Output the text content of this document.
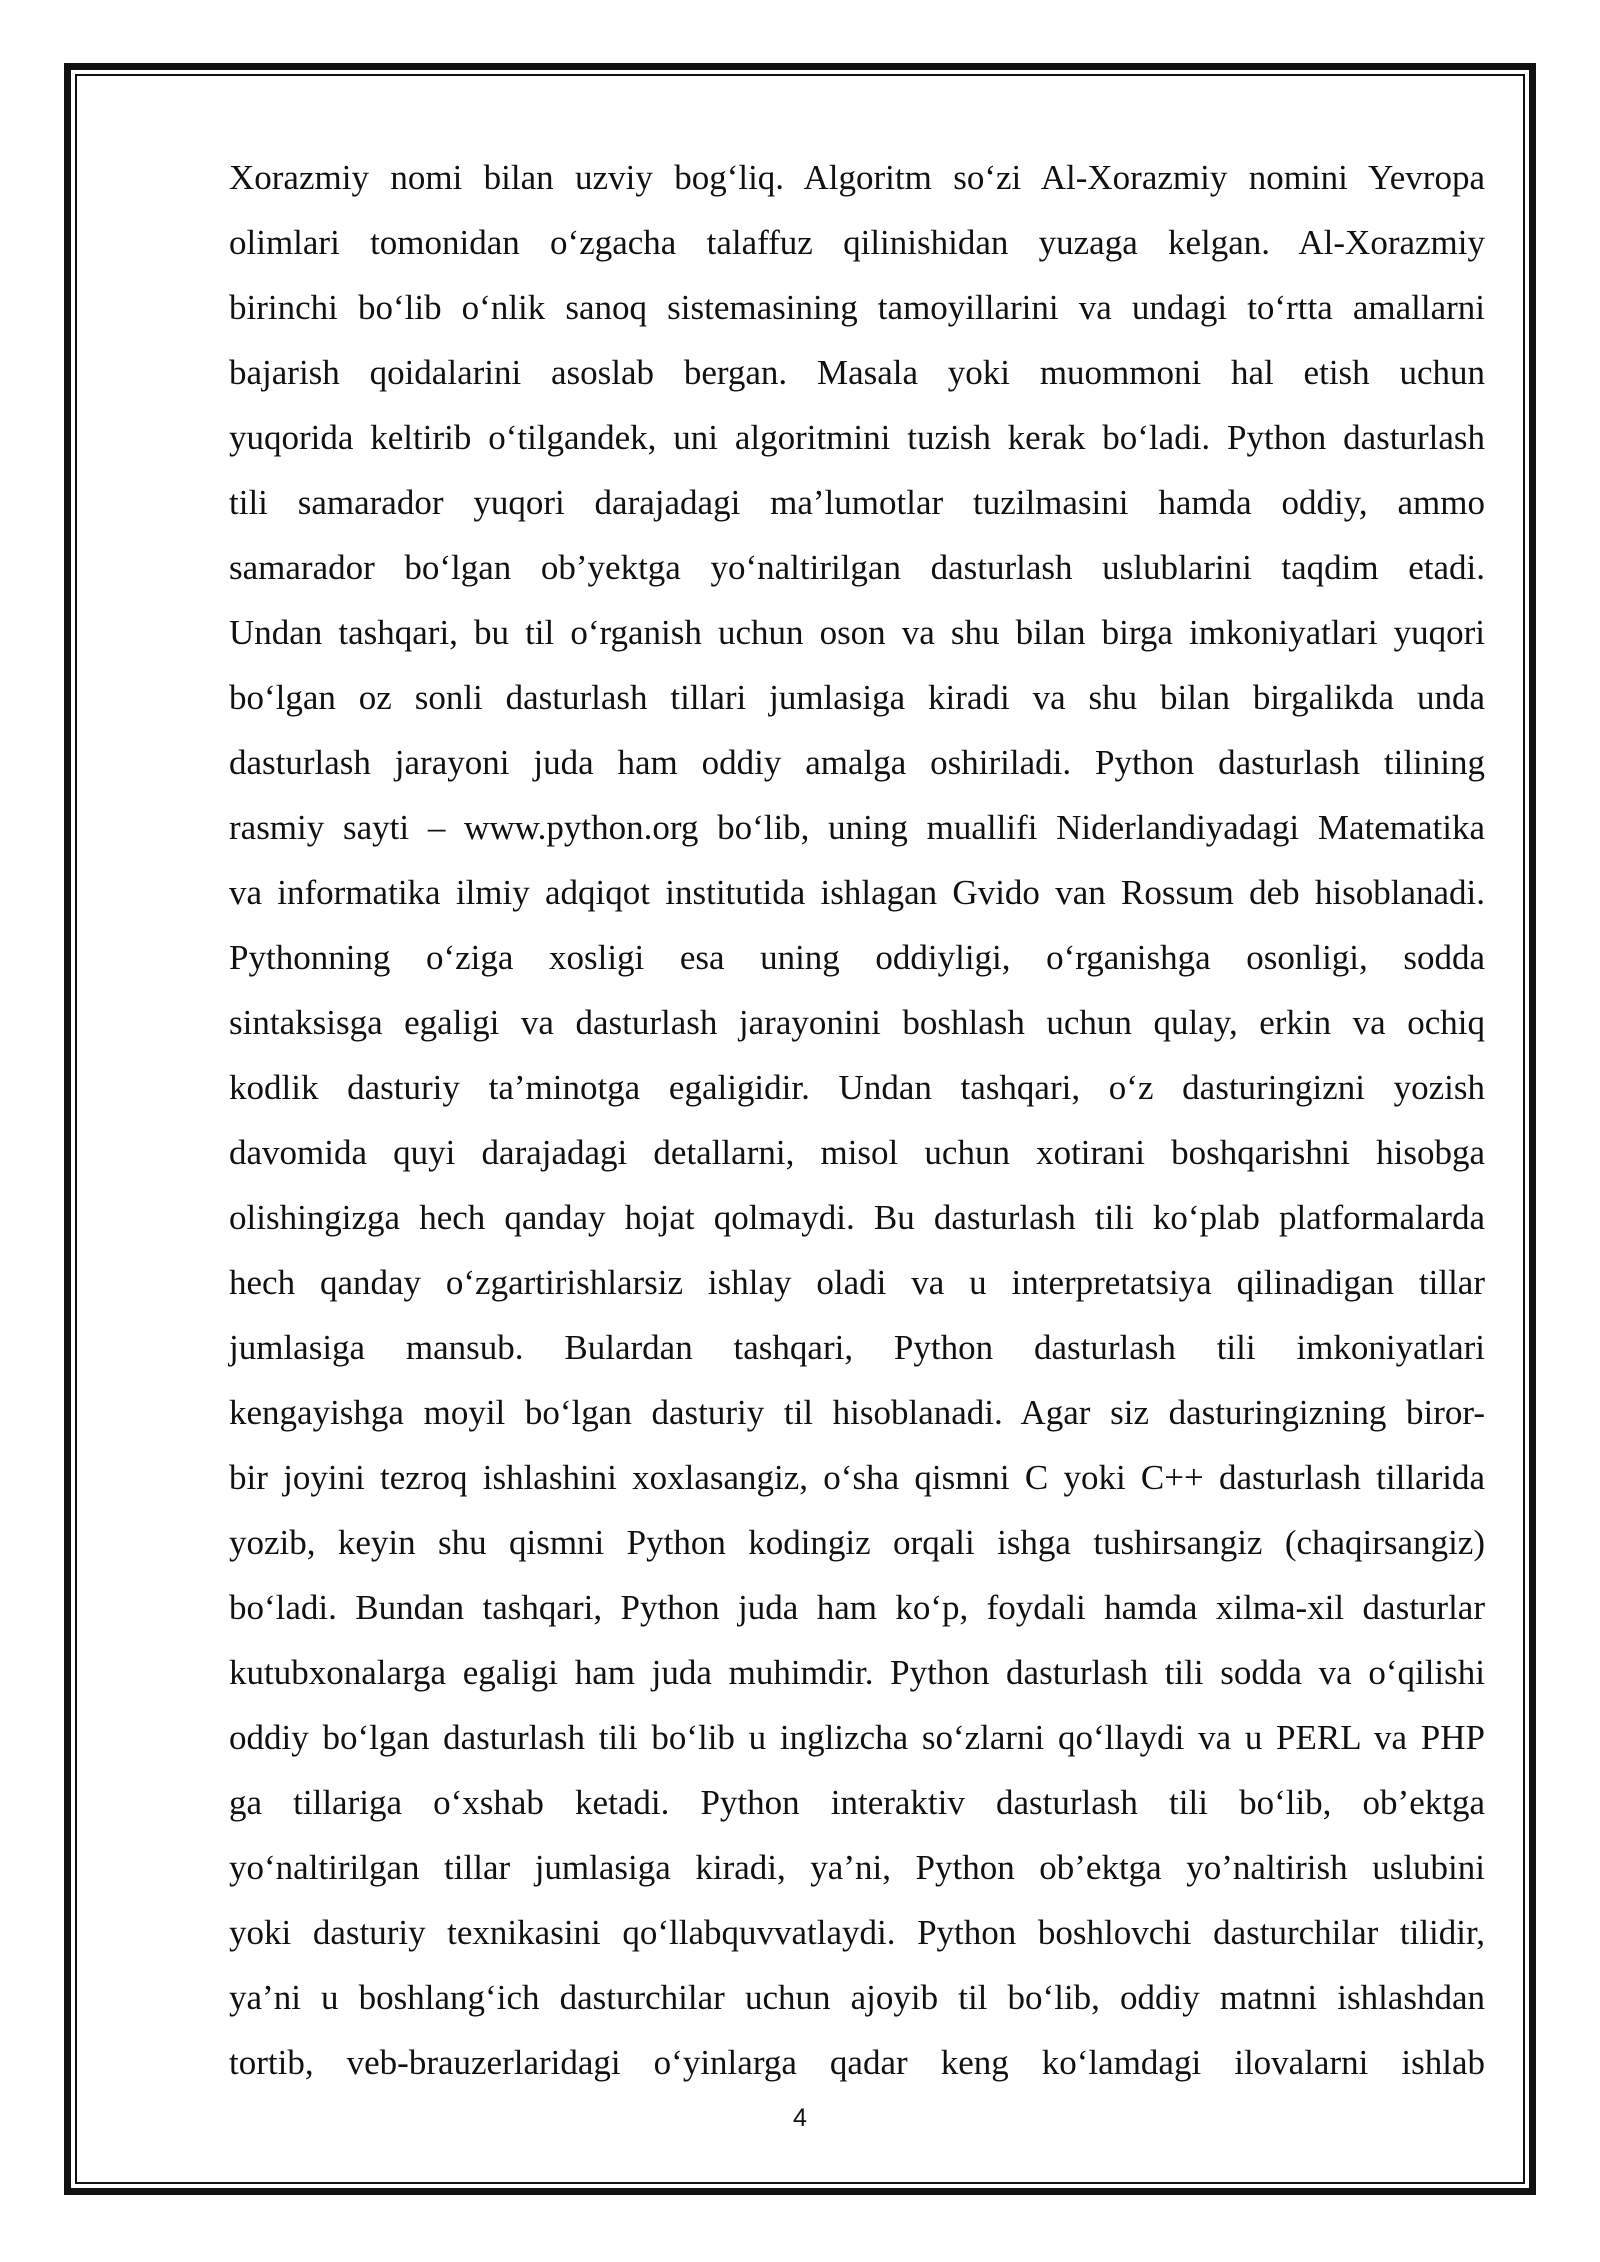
Xorazmiy nomi bilan uzviy bog‘liq. Algoritm so‘zi Al-Xorazmiy nomini Yevropa
olimlari tomonidan o‘zgacha talaffuz qilinishidan yuzaga kelgan. Al-Xorazmiy
birinchi bo‘lib o‘nlik sanoq sistemasining tamoyillarini va undagi to‘rtta amallarni
bajarish qoidalarini asoslab bergan. Masala yoki muommoni hal etish uchun
yuqorida keltirib o‘tilgandek, uni algoritmini tuzish kerak bo‘ladi. Python dasturlash
tili samarador yuqori darajadagi ma’lumotlar tuzilmasini hamda oddiy, ammo
samarador bo‘lgan ob’yektga yo‘naltirilgan dasturlash uslublarini taqdim etadi.
Undan tashqari, bu til o‘rganish uchun oson va shu bilan birga imkoniyatlari yuqori
bo‘lgan oz sonli dasturlash tillari jumlasiga kiradi va shu bilan birgalikda unda
dasturlash jarayoni juda ham oddiy amalga oshiriladi. Python dasturlash tilining
rasmiy sayti – www.python.org bo‘lib, uning muallifi Niderlandiyadagi Matematika
va informatika ilmiy adqiqot institutida ishlagan Gvido van Rossum deb hisoblanadi.
Pythonning o‘ziga xosligi esa uning oddiyligi, o‘rganishga osonligi, sodda
sintaksisga egaligi va dasturlash jarayonini boshlash uchun qulay, erkin va ochiq
kodlik dasturiy ta’minotga egaligidir. Undan tashqari, o‘z dasturingizni yozish
davomida quyi darajadagi detallarni, misol uchun xotirani boshqarishni hisobga
olishingizga hech qanday hojat qolmaydi. Bu dasturlash tili ko‘plab platformalarda
hech qanday o‘zgartirishlarsiz ishlay oladi va u interpretatsiya qilinadigan tillar
jumlasiga mansub. Bulardan tashqari, Python dasturlash tili imkoniyatlari
kengayishga moyil bo‘lgan dasturiy til hisoblanadi. Agar siz dasturingizning biror-
bir joyini tezroq ishlashini xoxlasangiz, o‘sha qismni C yoki C++ dasturlash tillarida
yozib, keyin shu qismni Python kodingiz orqali ishga tushirsangiz (chaqirsangiz)
bo‘ladi. Bundan tashqari, Python juda ham ko‘p, foydali hamda xilma-xil dasturlar
kutubxonalarga egaligi ham juda muhimdir. Python dasturlash tili sodda va o‘qilishi
oddiy bo‘lgan dasturlash tili bo‘lib u inglizcha so‘zlarni qo‘llaydi va u PERL va PHP
ga tillariga o‘xshab ketadi. Python interaktiv dasturlash tili bo‘lib, ob’ektga
yo‘naltirilgan tillar jumlasiga kiradi, ya’ni, Python ob’ektga yo’naltirish uslubini
yoki dasturiy texnikasini qo‘llabquvvatlaydi. Python boshlovchi dasturchilar tilidir,
ya’ni u boshlang‘ich dasturchilar uchun ajoyib til bo‘lib, oddiy matnni ishlashdan
tortib, veb-brauzerlaridagi o‘yinlarga qadar keng ko‘lamdagi ilovalarni ishlab
4
